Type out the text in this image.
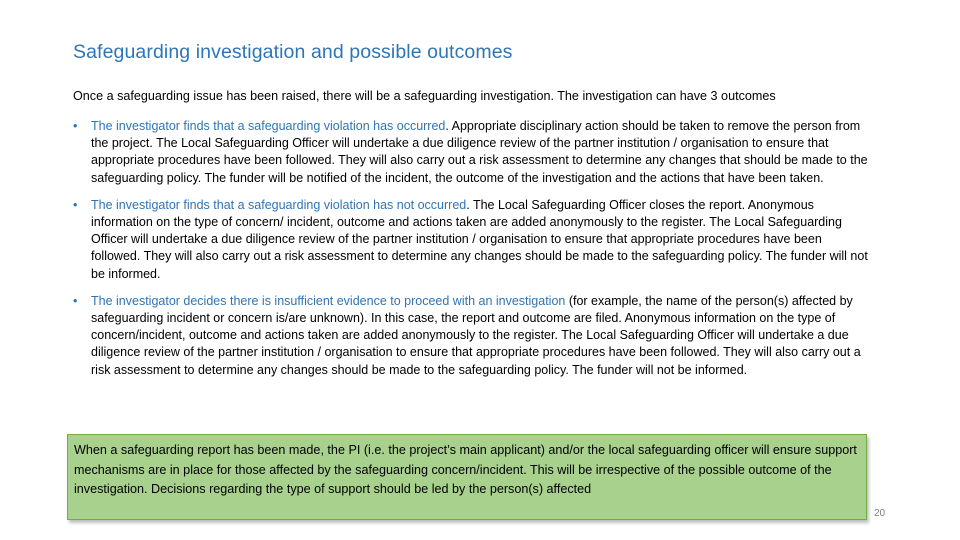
Safeguarding investigation and possible outcomes

Once a safeguarding issue has been raised, there will be a safeguarding investigation. The investigation can have 3 outcomes

• The investigator finds that a safeguarding violation has occurred. Appropriate disciplinary action should be taken to remove the person from the project. The Local Safeguarding Officer will undertake a due diligence review of the partner institution / organisation to ensure that appropriate procedures have been followed. They will also carry out a risk assessment to determine any changes that should be made to the safeguarding policy. The funder will be notified of the incident, the outcome of the investigation and the actions that have been taken.
• The investigator finds that a safeguarding violation has not occurred. The Local Safeguarding Officer closes the report. Anonymous information on the type of concern/ incident, outcome and actions taken are added anonymously to the register. The Local Safeguarding Officer will undertake a due diligence review of the partner institution / organisation to ensure that appropriate procedures have been followed. They will also carry out a risk assessment to determine any changes should be made to the safeguarding policy. The funder will not be informed.
• The investigator decides there is insufficient evidence to proceed with an investigation (for example, the name of the person(s) affected by safeguarding incident or concern is/are unknown). In this case, the report and outcome are filed. Anonymous information on the type of concern/incident, outcome and actions taken are added anonymously to the register. The Local Safeguarding Officer will undertake a due diligence review of the partner institution / organisation to ensure that appropriate procedures have been followed. They will also carry out a risk assessment to determine any changes should be made to the safeguarding policy. The funder will not be informed.
When a safeguarding report has been made, the PI (i.e. the project’s main applicant) and/or the local safeguarding officer will ensure support mechanisms are in place for those affected by the safeguarding concern/incident. This will be irrespective of the possible outcome of the investigation. Decisions regarding the type of support should be led by the person(s) affected
20
